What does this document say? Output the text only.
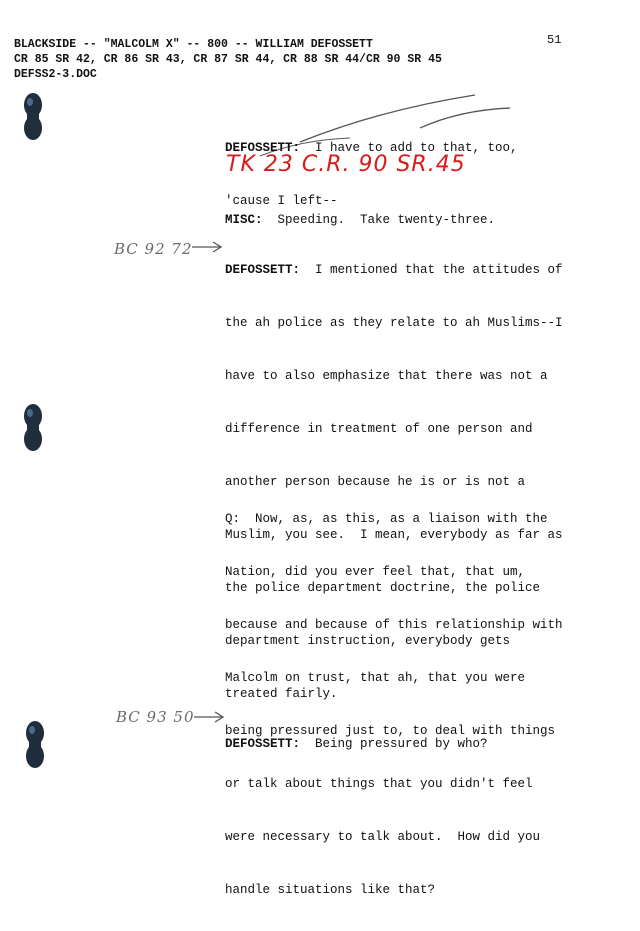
BLACKSIDE -- "MALCOLM X" -- 800 -- WILLIAM DEFOSSETT
CR 85 SR 42, CR 86 SR 43, CR 87 SR 44, CR 88 SR 44/CR 90 SR 45
DEFSS2-3.DOC
51

DEFOSSETT:  I have to add to that, too,

'cause I left--

TK 23 C.R. 90 SR.45

MISC:  Speeding.  Take twenty-three.

BC 92 72

DEFOSSETT:  I mentioned that the attitudes of

the ah police as they relate to ah Muslims--I

have to also emphasize that there was not a

difference in treatment of one person and

another person because he is or is not a

Muslim, you see.  I mean, everybody as far as

the police department doctrine, the police

department instruction, everybody gets

treated fairly.

Q:  Now, as, as this, as a liaison with the

Nation, did you ever feel that, that um,

because and because of this relationship with

Malcolm on trust, that ah, that you were

being pressured just to, to deal with things

or talk about things that you didn't feel

were necessary to talk about.  How did you

handle situations like that?

BC 93 50

DEFOSSETT:  Being pressured by who?
